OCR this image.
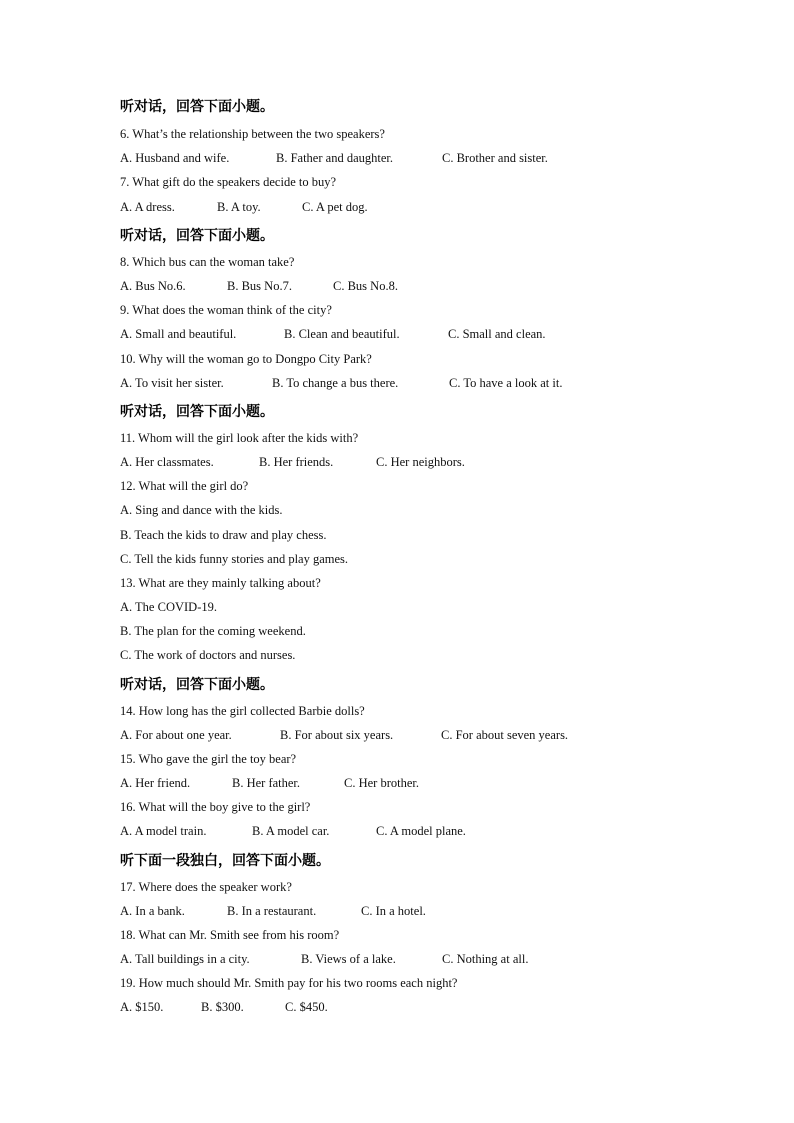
听对话，回答下面小题。
6. What’s the relationship between the two speakers?
A. Husband and wife.	B. Father and daughter.	C. Brother and sister.
7. What gift do the speakers decide to buy?
A. A dress.	B. A toy.	C. A pet dog.
听对话，回答下面小题。
8. Which bus can the woman take?
A. Bus No.6.	B. Bus No.7.	C. Bus No.8.
9. What does the woman think of the city?
A. Small and beautiful.	B. Clean and beautiful.	C. Small and clean.
10. Why will the woman go to Dongpo City Park?
A. To visit her sister.	B. To change a bus there.	C. To have a look at it.
听对话，回答下面小题。
11. Whom will the girl look after the kids with?
A. Her classmates.	B. Her friends.	C. Her neighbors.
12. What will the girl do?
A. Sing and dance with the kids.
B. Teach the kids to draw and play chess.
C. Tell the kids funny stories and play games.
13. What are they mainly talking about?
A. The COVID-19.
B. The plan for the coming weekend.
C. The work of doctors and nurses.
听对话，回答下面小题。
14. How long has the girl collected Barbie dolls?
A. For about one year.	B. For about six years.	C. For about seven years.
15. Who gave the girl the toy bear?
A. Her friend.	B. Her father.	C. Her brother.
16. What will the boy give to the girl?
A. A model train.	B. A model car.	C. A model plane.
听下面一段独白，回答下面小题。
17. Where does the speaker work?
A. In a bank.	B. In a restaurant.	C. In a hotel.
18. What can Mr. Smith see from his room?
A. Tall buildings in a city.	B. Views of a lake.	C. Nothing at all.
19. How much should Mr. Smith pay for his two rooms each night?
A. $150.	B. $300.	C. $450.
